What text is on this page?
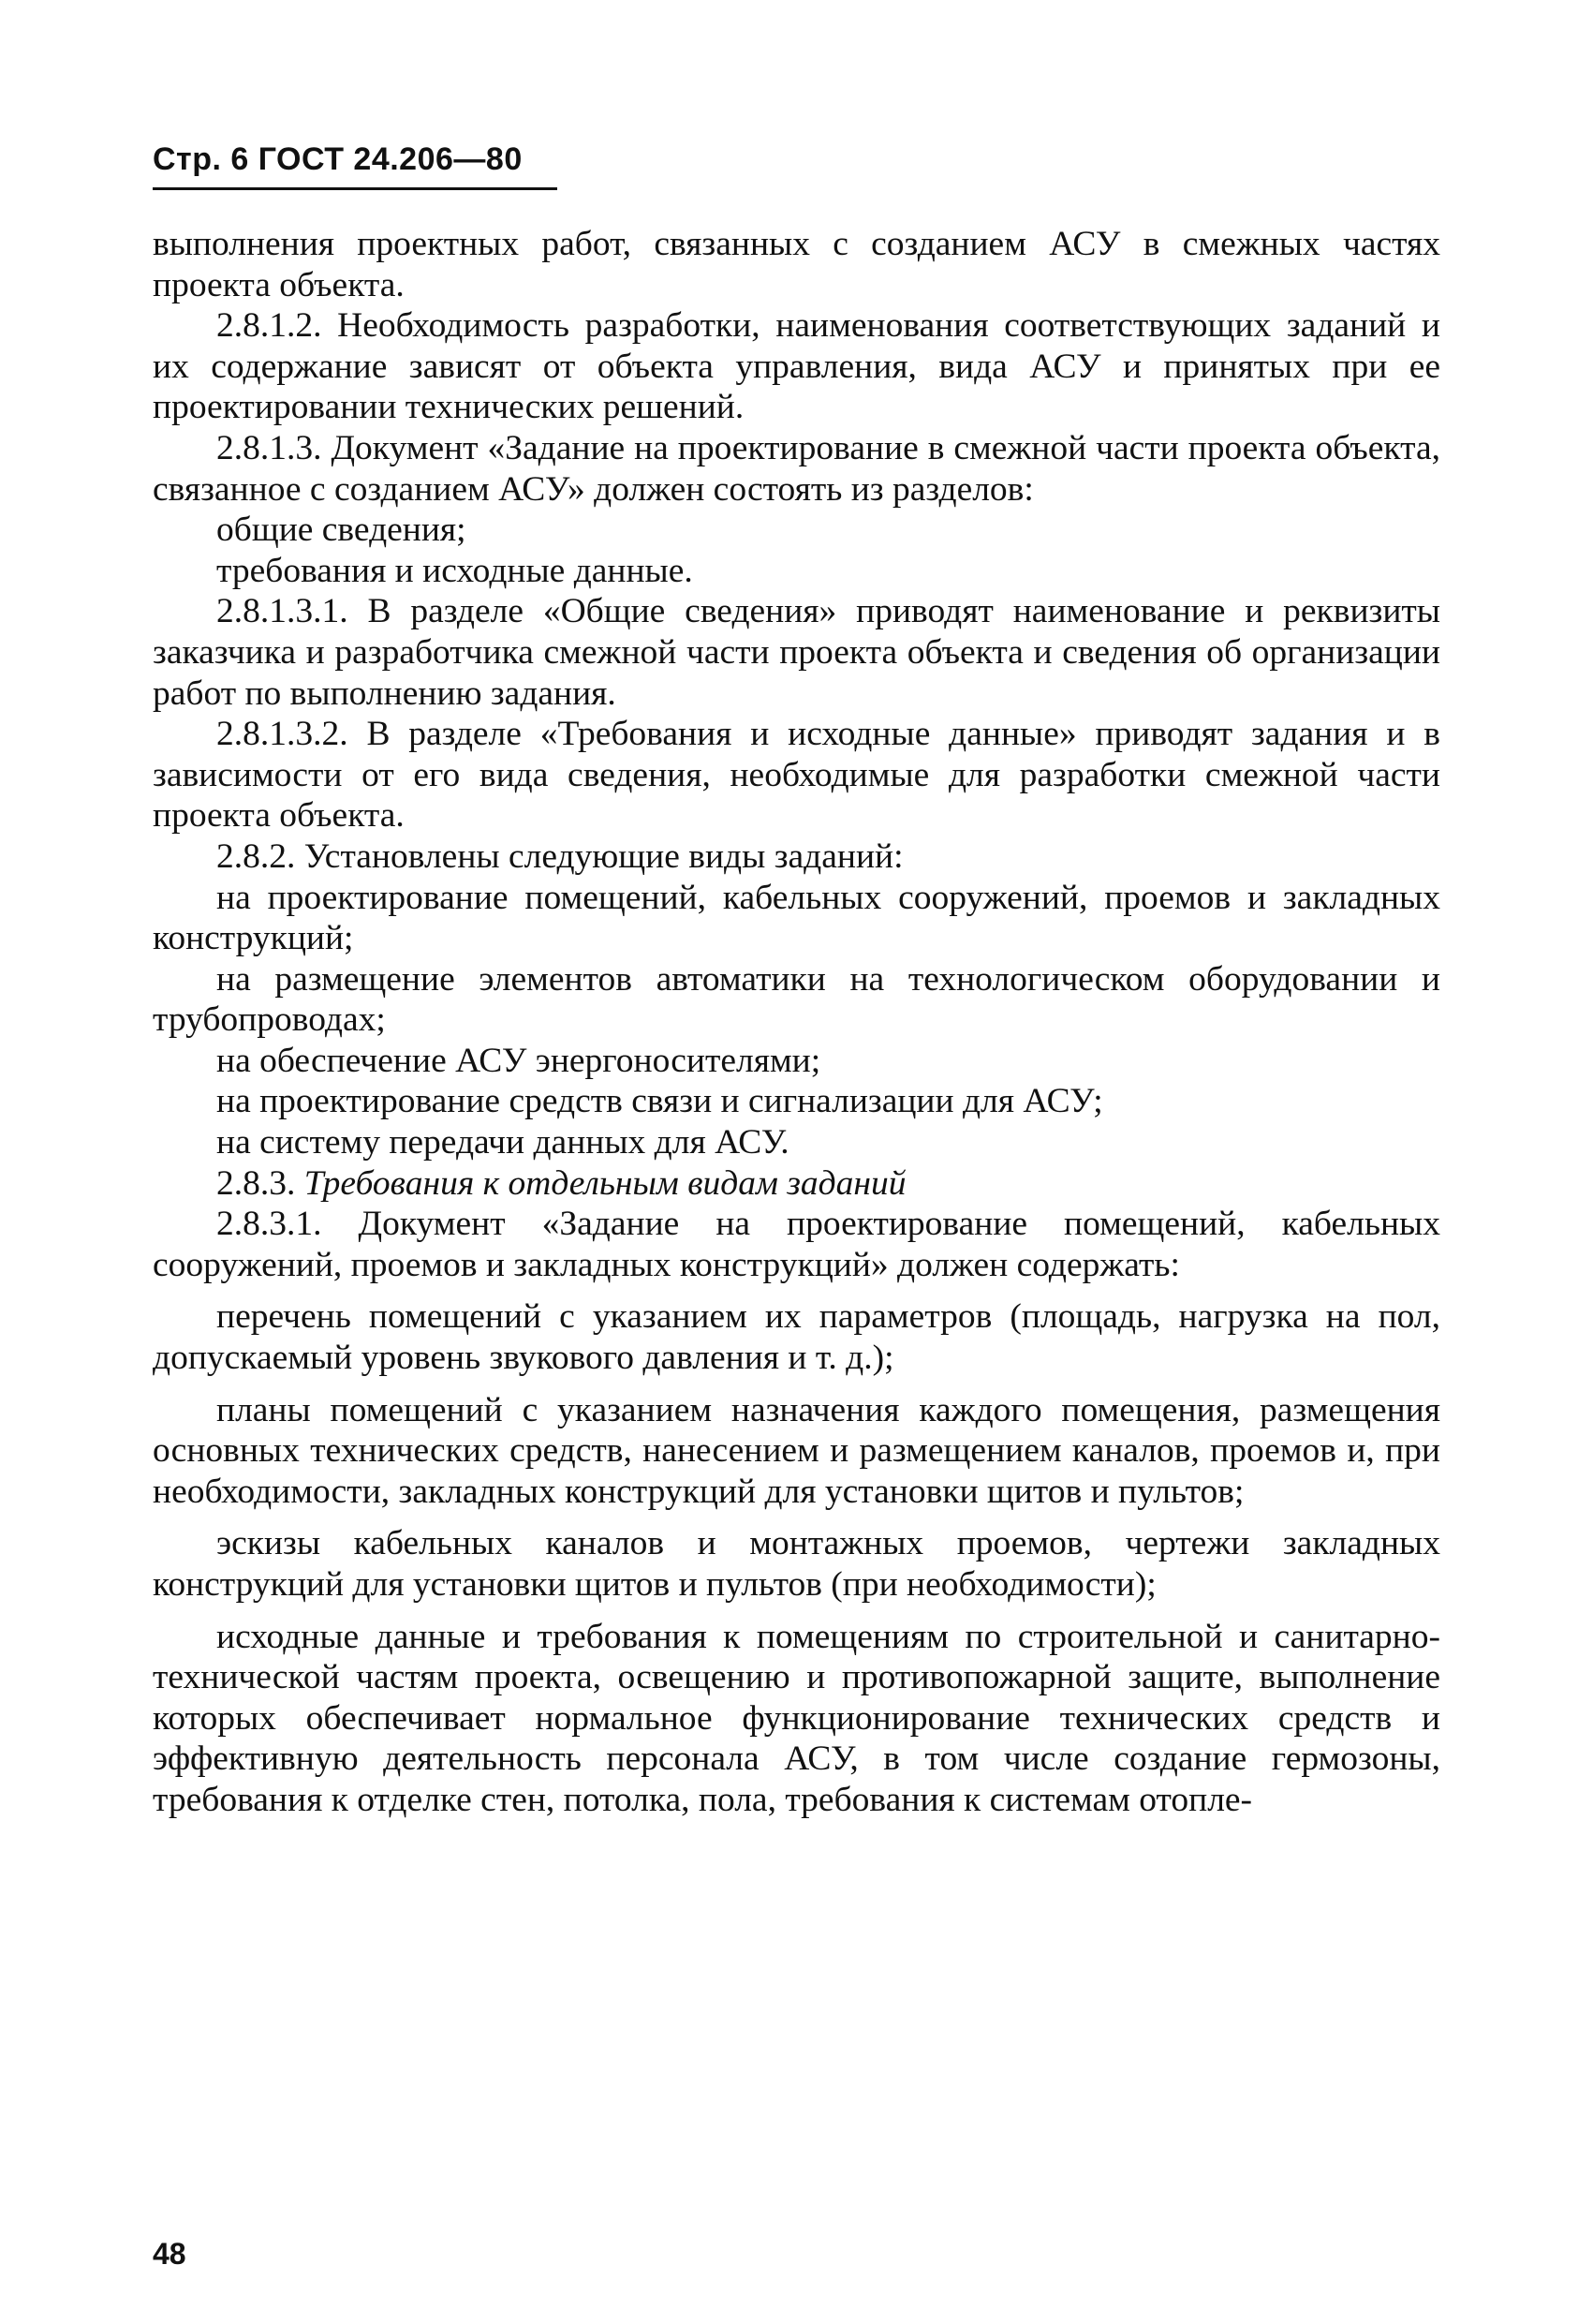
Стр. 6 ГОСТ 24.206—80

выполнения проектных работ, связанных с созданием АСУ в смежных частях проекта объекта.

2.8.1.2. Необходимость разработки, наименования соответствующих заданий и их содержание зависят от объекта управления, вида АСУ и принятых при ее проектировании технических решений.

2.8.1.3. Документ «Задание на проектирование в смежной части проекта объекта, связанное с созданием АСУ» должен состоять из разделов:

общие сведения;

требования и исходные данные.

2.8.1.3.1. В разделе «Общие сведения» приводят наименование и реквизиты заказчика и разработчика смежной части проекта объекта и сведения об организации работ по выполнению задания.

2.8.1.3.2. В разделе «Требования и исходные данные» приводят задания и в зависимости от его вида сведения, необходимые для разработки смежной части проекта объекта.

2.8.2. Установлены следующие виды заданий:

на проектирование помещений, кабельных сооружений, проемов и закладных конструкций;

на размещение элементов автоматики на технологическом оборудовании и трубопроводах;

на обеспечение АСУ энергоносителями;

на проектирование средств связи и сигнализации для АСУ;

на систему передачи данных для АСУ.

2.8.3. Требования к отдельным видам заданий

2.8.3.1. Документ «Задание на проектирование помещений, кабельных сооружений, проемов и закладных конструкций» должен содержать:

перечень помещений с указанием их параметров (площадь, нагрузка на пол, допускаемый уровень звукового давления и т. д.);

планы помещений с указанием назначения каждого помещения, размещения основных технических средств, нанесением и размещением каналов, проемов и, при необходимости, закладных конструкций для установки щитов и пультов;

эскизы кабельных каналов и монтажных проемов, чертежи закладных конструкций для установки щитов и пультов (при необходимости);

исходные данные и требования к помещениям по строительной и санитарно-технической частям проекта, освещению и противопожарной защите, выполнение которых обеспечивает нормальное функционирование технических средств и эффективную деятельность персонала АСУ, в том числе создание гермозоны, требования к отделке стен, потолка, пола, требования к системам отопле-

48
